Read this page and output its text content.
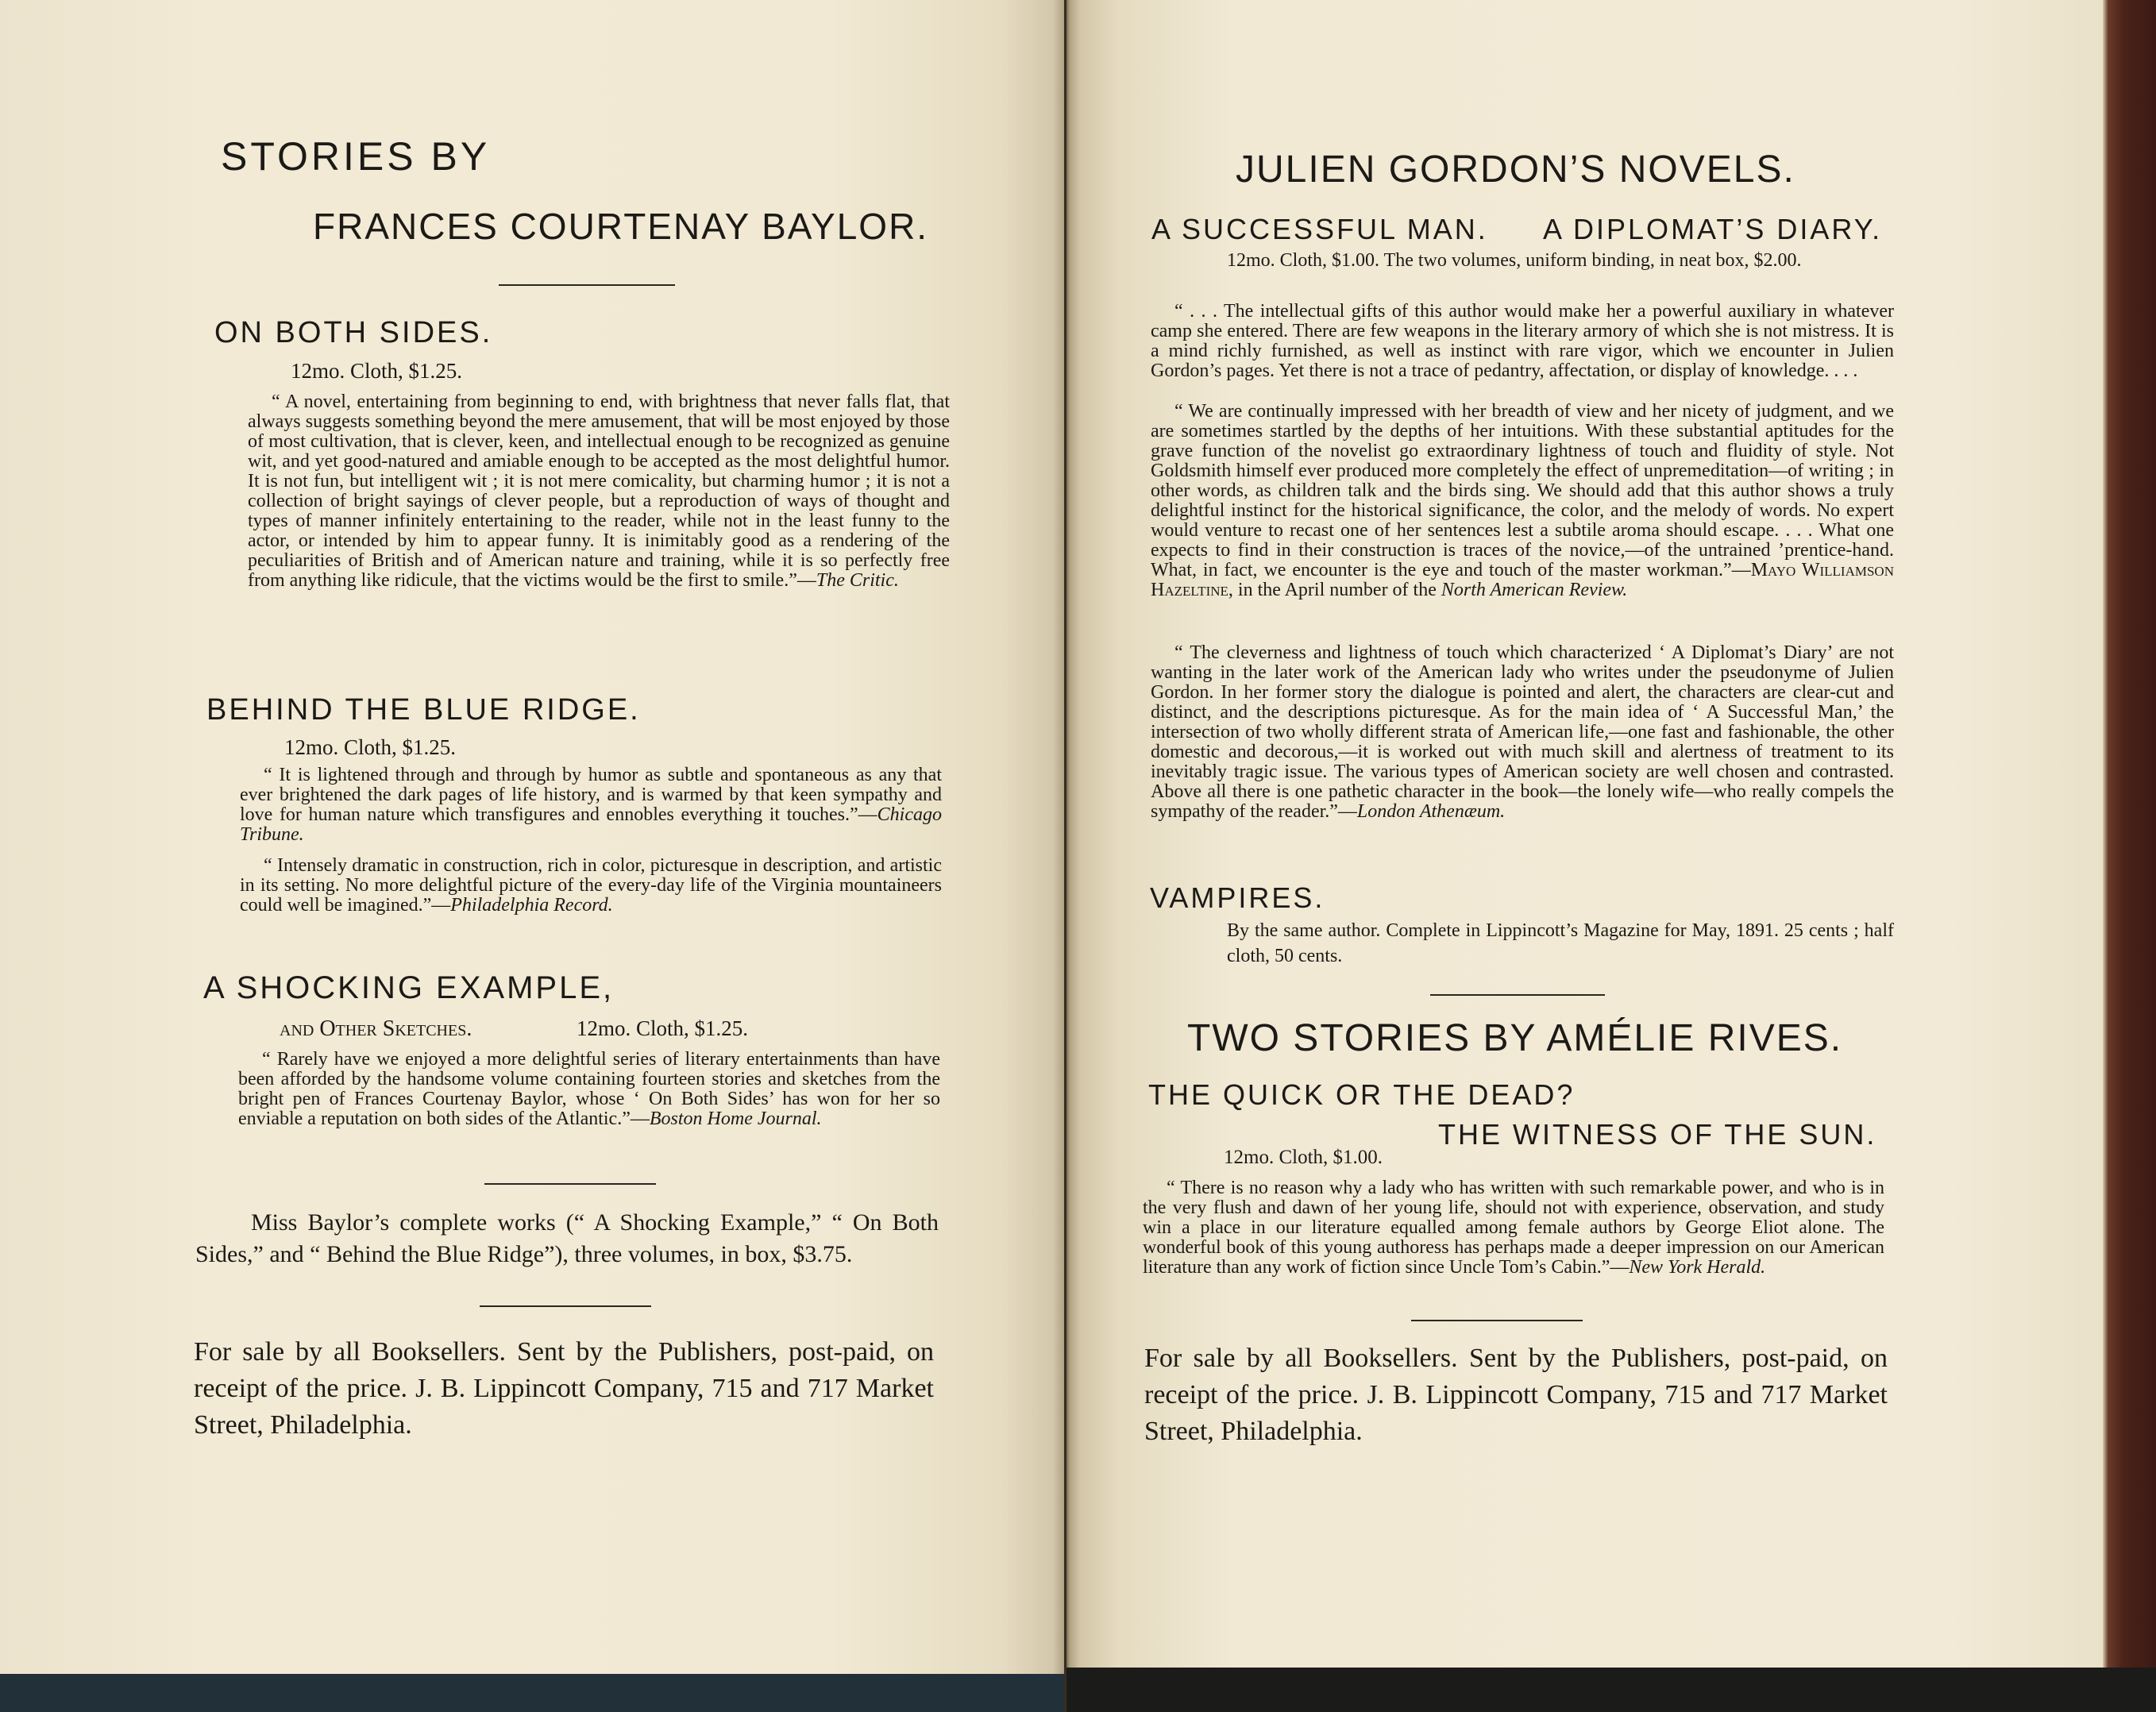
STORIES BY
FRANCES COURTENAY BAYLOR.
ON BOTH SIDES.
12mo. Cloth, $1.25.

“ A novel, entertaining from beginning to end, with brightness that never falls flat, that always suggests something beyond the mere amusement, that will be most enjoyed by those of most cultivation, that is clever, keen, and intellectual enough to be recognized as genuine wit, and yet good-natured and amiable enough to be accepted as the most delightful humor. It is not fun, but intelligent wit ; it is not mere comicality, but charming humor ; it is not a collection of bright sayings of clever people, but a reproduction of ways of thought and types of manner infinitely entertaining to the reader, while not in the least funny to the actor, or intended by him to appear funny. It is inimitably good as a rendering of the peculiarities of British and of American nature and training, while it is so perfectly free from anything like ridicule, that the victims would be the first to smile.”—The Critic.

BEHIND THE BLUE RIDGE.
12mo. Cloth, $1.25.

“ It is lightened through and through by humor as subtle and spontaneous as any that ever brightened the dark pages of life history, and is warmed by that keen sympathy and love for human nature which transfigures and ennobles everything it touches.”—Chicago Tribune.

“ Intensely dramatic in construction, rich in color, picturesque in description, and artistic in its setting. No more delightful picture of the every-day life of the Virginia mountaineers could well be imagined.”—Philadelphia Record.

A SHOCKING EXAMPLE,
and Other Sketches.	12mo. Cloth, $1.25.

“ Rarely have we enjoyed a more delightful series of literary entertainments than have been afforded by the handsome volume containing fourteen stories and sketches from the bright pen of Frances Courtenay Baylor, whose ‘ On Both Sides’ has won for her so enviable a reputation on both sides of the Atlantic.”—Boston Home Journal.

Miss Baylor’s complete works (“ A Shocking Example,” “ On Both Sides,” and “ Behind the Blue Ridge”), three volumes, in box, $3.75.

For sale by all Booksellers. Sent by the Publishers, post-paid, on receipt of the price. J. B. Lippincott Company, 715 and 717 Market Street, Philadelphia.

JULIEN GORDON’S NOVELS.
A SUCCESSFUL MAN. A DIPLOMAT’S DIARY.

12mo. Cloth, $1.00. The two volumes, uniform binding, in neat box, $2.00.

“ . . . The intellectual gifts of this author would make her a powerful auxiliary in whatever camp she entered. There are few weapons in the literary armory of which she is not mistress. It is a mind richly furnished, as well as instinct with rare vigor, which we encounter in Julien Gordon’s pages. Yet there is not a trace of pedantry, affectation, or display of knowledge. . . .

“ We are continually impressed with her breadth of view and her nicety of judgment, and we are sometimes startled by the depths of her intuitions. With these substantial aptitudes for the grave function of the novelist go extraordinary lightness of touch and fluidity of style. Not Goldsmith himself ever produced more completely the effect of unpremeditation—of writing ; in other words, as children talk and the birds sing. We should add that this author shows a truly delightful instinct for the historical significance, the color, and the melody of words. No expert would venture to recast one of her sentences lest a subtile aroma should escape. . . . What one expects to find in their construction is traces of the novice,—of the untrained ’prentice-hand. What, in fact, we encounter is the eye and touch of the master workman.”—Mayo Williamson Hazeltine, in the April number of the North American Review.

“ The cleverness and lightness of touch which characterized ‘ A Diplomat’s Diary’ are not wanting in the later work of the American lady who writes under the pseudonyme of Julien Gordon. In her former story the dialogue is pointed and alert, the characters are clear-cut and distinct, and the descriptions picturesque. As for the main idea of ‘ A Successful Man,’ the intersection of two wholly different strata of American life,—one fast and fashionable, the other domestic and decorous,—it is worked out with much skill and alertness of treatment to its inevitably tragic issue. The various types of American society are well chosen and contrasted. Above all there is one pathetic character in the book—the lonely wife—who really compels the sympathy of the reader.”—London Athenæum.

VAMPIRES.

By the same author. Complete in Lippincott’s Magazine for May, 1891. 25 cents ; half cloth, 50 cents.

TWO STORIES BY AMÉLIE RIVES.
THE QUICK OR THE DEAD?
THE WITNESS OF THE SUN.
12mo. Cloth, $1.00.

“ There is no reason why a lady who has written with such remarkable power, and who is in the very flush and dawn of her young life, should not with experience, observation, and study win a place in our literature equalled among female authors by George Eliot alone. The wonderful book of this young authoress has perhaps made a deeper impression on our American literature than any work of fiction since Uncle Tom’s Cabin.”—New York Herald.

For sale by all Booksellers. Sent by the Publishers, post-paid, on receipt of the price. J. B. Lippincott Company, 715 and 717 Market Street, Philadelphia.
